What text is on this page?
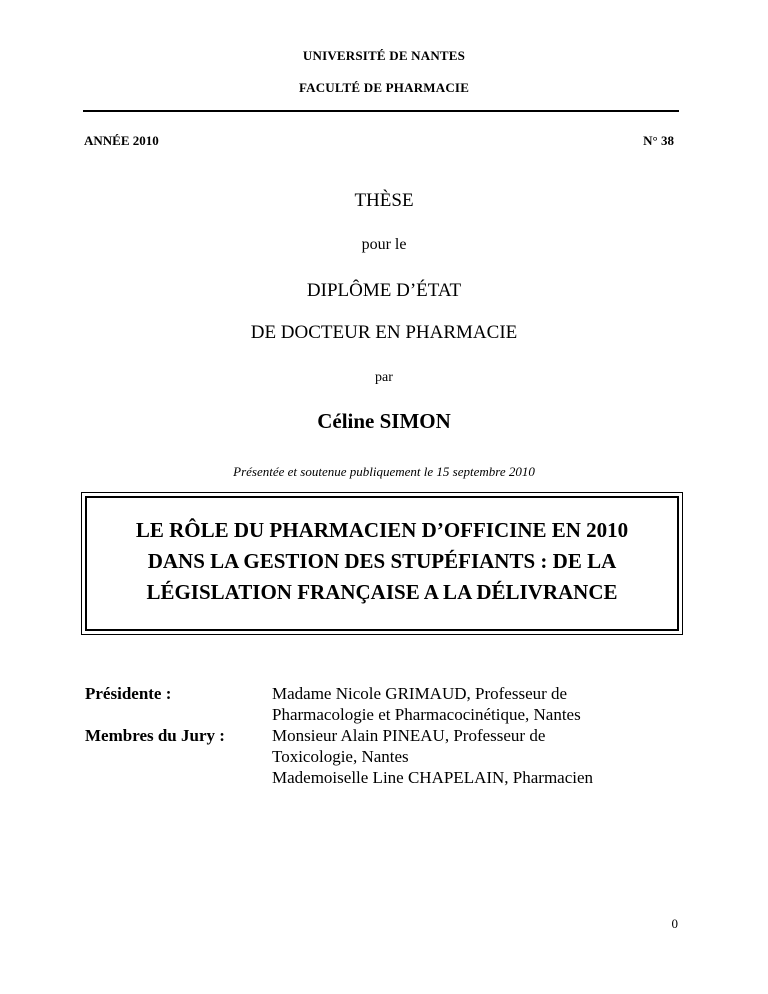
UNIVERSITÉ DE NANTES
FACULTÉ DE PHARMACIE
ANNÉE 2010	N° 38
THÈSE
pour le
DIPLÔME D’ÉTAT
DE DOCTEUR EN PHARMACIE
par
Céline SIMON
Présentée et soutenue publiquement le 15 septembre 2010
LE RÔLE DU PHARMACIEN D’OFFICINE EN 2010
DANS LA GESTION DES STUPÉFIANTS : DE LA
LÉGISLATION FRANÇAISE A LA DÉLIVRANCE
Présidente :
Membres du Jury :
Madame Nicole GRIMAUD, Professeur de
Pharmacologie et Pharmacocinétique, Nantes
Monsieur Alain PINEAU, Professeur de
Toxicologie, Nantes
Mademoiselle Line CHAPELAIN, Pharmacien
0
